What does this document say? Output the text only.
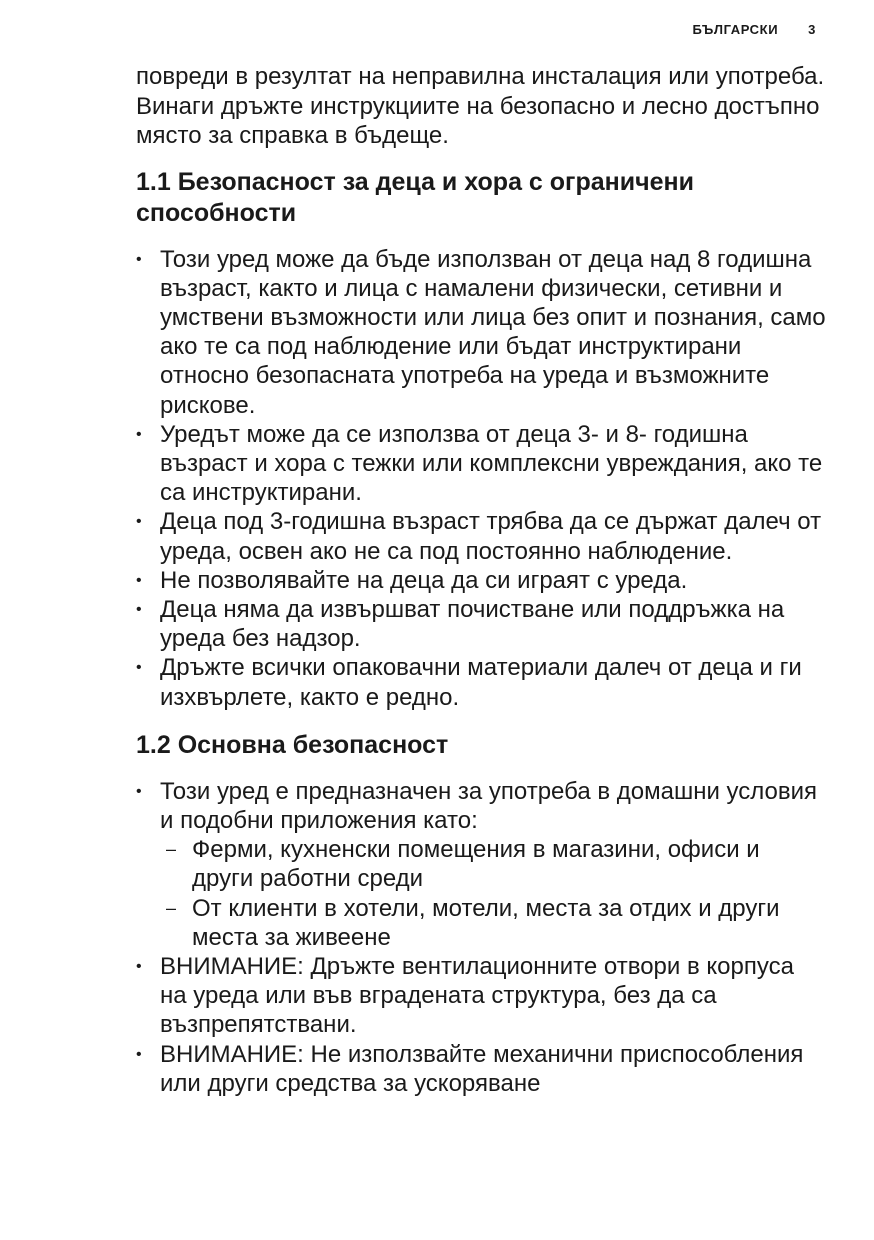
БЪЛГАРСКИ 3

повреди в резултат на неправилна инсталация или употреба. Винаги дръжте инструкциите на безопасно и лесно достъпно място за справка в бъдеще.

1.1 Безопасност за деца и хора с ограничени способности
• Този уред може да бъде използван от деца над 8 годишна възраст, както и лица с намалени физически, сетивни и умствени възможности или лица без опит и познания, само ако те са под наблюдение или бъдат инструктирани относно безопасната употреба на уреда и възможните рискове.
• Уредът може да се използва от деца 3- и 8- годишна възраст и хора с тежки или комплексни увреждания, ако те са инструктирани.
• Деца под 3-годишна възраст трябва да се държат далеч от уреда, освен ако не са под постоянно наблюдение.
• Не позволявайте на деца да си играят с уреда.
• Деца няма да извършват почистване или поддръжка на уреда без надзор.
• Дръжте всички опаковачни материали далеч от деца и ги изхвърлете, както е редно.
1.2 Основна безопасност
• Този уред е предназначен за употреба в домашни условия и подобни приложения като:
– Ферми, кухненски помещения в магазини, офиси и други работни среди
– От клиенти в хотели, мотели, места за отдих и други места за живеене
• ВНИМАНИЕ: Дръжте вентилационните отвори в корпуса на уреда или във вградената структура, без да са възпрепятствани.
• ВНИМАНИЕ: Не използвайте механични приспособления или други средства за ускоряване
